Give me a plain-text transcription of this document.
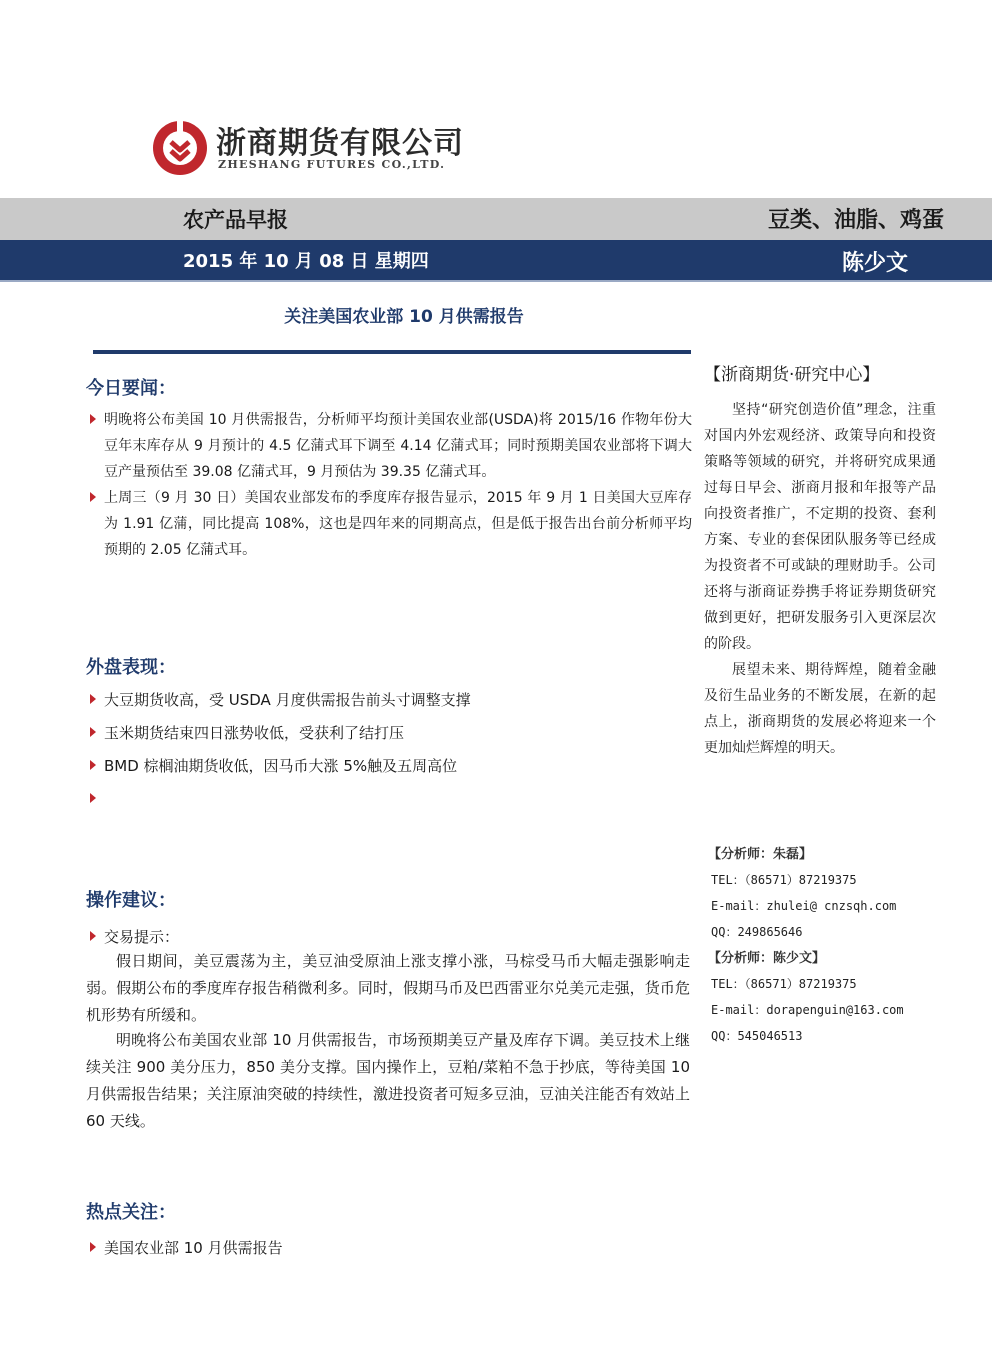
浙商期货有限公司
ZHESHANG FUTURES CO.,LTD.
农产品早报	豆类、油脂、鸡蛋
2015 年 10 月 08 日 星期四	陈少文
关注美国农业部 10 月供需报告
今日要闻：
明晚将公布美国 10 月供需报告，分析师平均预计美国农业部(USDA)将 2015/16 作物年份大豆年末库存从 9 月预计的 4.5 亿蒲式耳下调至 4.14 亿蒲式耳；同时预期美国农业部将下调大豆产量预估至 39.08 亿蒲式耳，9 月预估为 39.35 亿蒲式耳。
上周三（9 月 30 日）美国农业部发布的季度库存报告显示，2015 年 9 月 1 日美国大豆库存为 1.91 亿蒲，同比提高 108%，这也是四年来的同期高点，但是低于报告出台前分析师平均预期的 2.05 亿蒲式耳。
外盘表现：
大豆期货收高，受 USDA 月度供需报告前头寸调整支撑
玉米期货结束四日涨势收低，受获利了结打压
BMD 棕榈油期货收低，因马币大涨 5%触及五周高位
操作建议：
交易提示：

假日期间，美豆震荡为主，美豆油受原油上涨支撑小涨，马棕受马币大幅走强影响走弱。假期公布的季度库存报告稍微利多。同时，假期马币及巴西雷亚尔兑美元走强，货币危机形势有所缓和。

明晚将公布美国农业部 10 月供需报告，市场预期美豆产量及库存下调。美豆技术上继续关注 900 美分压力，850 美分支撑。国内操作上，豆粕/菜粕不急于抄底，等待美国 10 月供需报告结果；关注原油突破的持续性，激进投资者可短多豆油，豆油关注能否有效站上 60 天线。

热点关注：
美国农业部 10 月供需报告
【浙商期货·研究中心】

坚持“研究创造价值”理念，注重对国内外宏观经济、政策导向和投资策略等领域的研究，并将研究成果通过每日早会、浙商月报和年报等产品向投资者推广，不定期的投资、套利方案、专业的套保团队服务等已经成为投资者不可或缺的理财助手。公司还将与浙商证券携手将证券期货研究做到更好，把研发服务引入更深层次的阶段。

展望未来、期待辉煌，随着金融及衍生品业务的不断发展，在新的起点上，浙商期货的发展必将迎来一个更加灿烂辉煌的明天。

【分析师：朱磊】
TEL：（86571）87219375
E-mail：zhulei@ cnzsqh.com
QQ：249865646
【分析师：陈少文】
TEL：（86571）87219375
E-mail：dorapenguin@163.com
QQ：545046513
